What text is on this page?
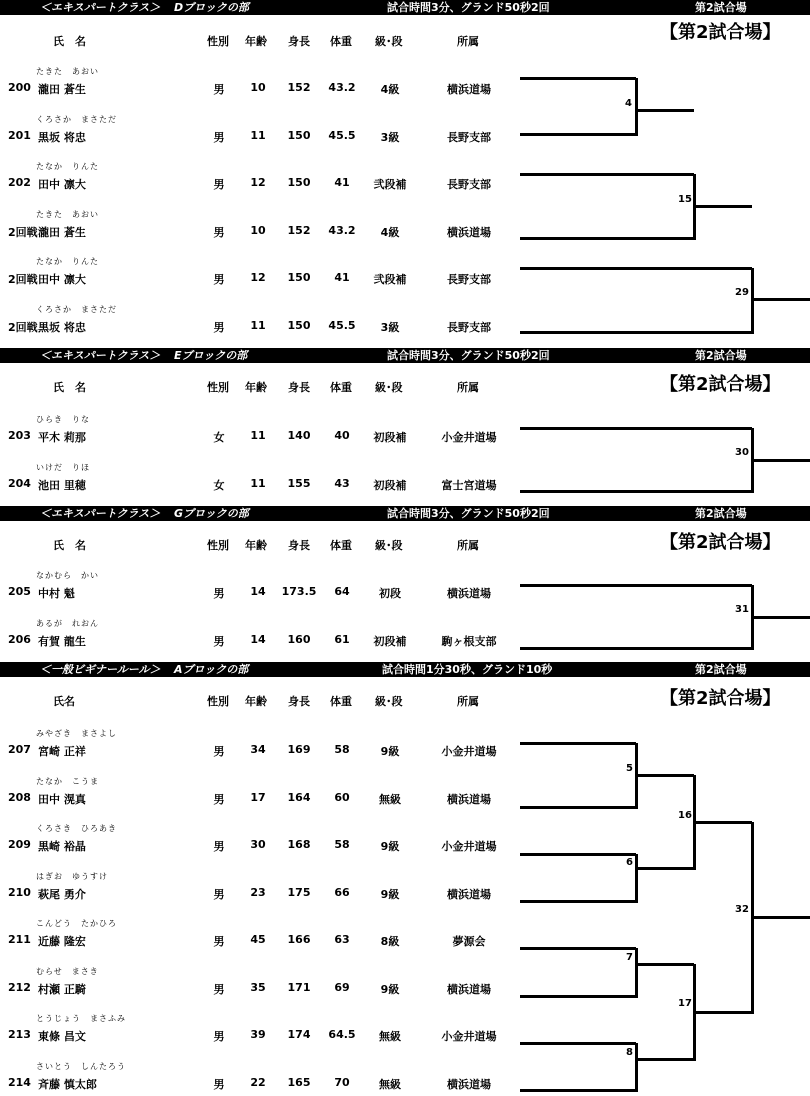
＜エキスパートクラス＞ Dブロックの部	試合時間3分、グランド50秒2回	第2試合場
【第2試合場】
氏　名	性別 年齢 身長 体重 級･段	所属
たきた　あおい
200 瀧田 蒼生	男 10 152 43.2 4級	横浜道場
くろさか　まさただ
201 黒坂 将忠	男 11 150 45.5 3級	長野支部
たなか　りんた
202 田中 凛大	男 12 150 41 弐段補	長野支部
たきた　あおい
2回戦 瀧田 蒼生	男 10 152 43.2 4級	横浜道場
たなか　りんた
2回戦 田中 凛大	男 12 150 41 弐段補	長野支部
くろさか　まさただ
2回戦 黒坂 将忠	男 11 150 45.5 3級	長野支部
＜エキスパートクラス＞ Eブロックの部	試合時間3分、グランド50秒2回	第2試合場
【第2試合場】
氏　名	性別 年齢 身長 体重 級･段	所属
ひらき　りな
203 平木 莉那	女 11 140 40 初段補	小金井道場
いけだ　りほ
204 池田 里穂	女 11 155 43 初段補	富士宮道場
＜エキスパートクラス＞ Gブロックの部	試合時間3分、グランド50秒2回	第2試合場
【第2試合場】
氏　名	性別 年齢 身長 体重 級･段	所属
なかむら　かい
205 中村 魁	男 14 173.5 64	初段	横浜道場
あるが　れおん
206 有賀 龍生	男 14 160 61 初段補	駒ヶ根支部
＜一般ビギナールール＞ Aブロックの部	試合時間1分30秒、グランド10秒	第2試合場
【第2試合場】
氏名	性別 年齢 身長 体重 級･段	所属
みやざき　まさよし
207 宮崎 正祥	男 34 169 58	9級	小金井道場
たなか　こうま
208 田中 滉真	男 17 164 60	無級	横浜道場
くろさき　ひろあき
209 黒崎 裕晶	男 30 168 58	9級	小金井道場
はぎお　ゆうすけ
210 萩尾 勇介	男 23 175 66	9級	横浜道場
こんどう　たかひろ
211 近藤 隆宏	男 45 166 63	8級	夢源会
むらせ　まさき
212 村瀬 正騎	男 35 171 69	9級	横浜道場
とうじょう　まさふみ
213 東條 昌文	男 39 174 64.5 無級	小金井道場
さいとう　しんたろう
214 斉藤 慎太郎	男 22 165 70	無級	横浜道場
4
15
29
30
31
5
6
16
7
8
17
32
